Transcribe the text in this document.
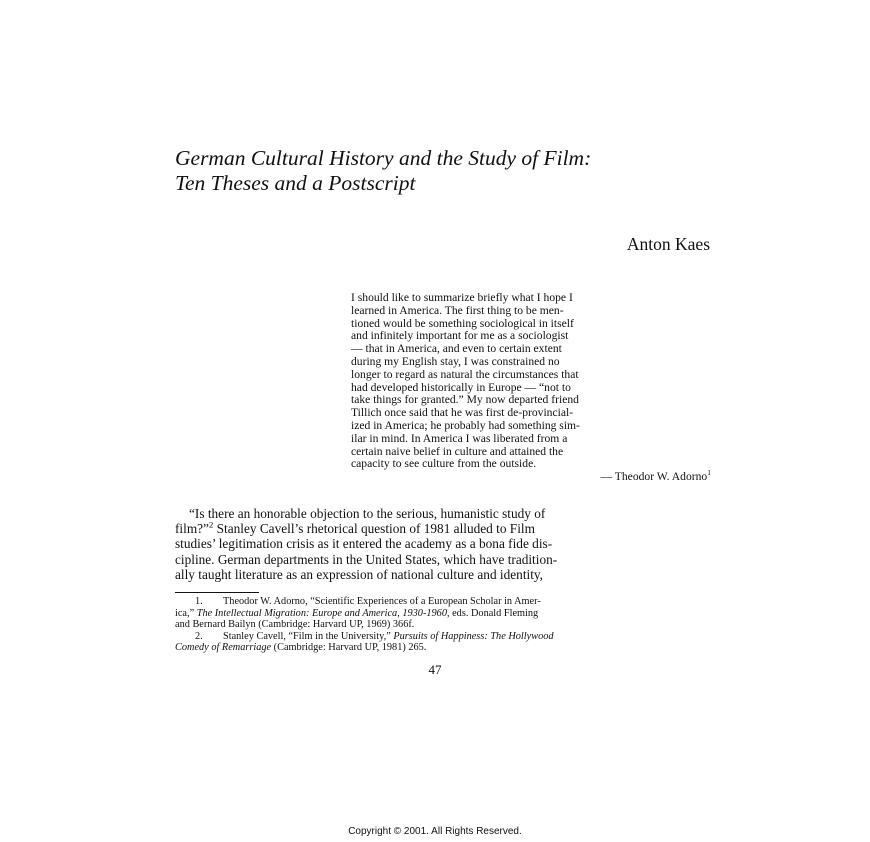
German Cultural History and the Study of Film:
Ten Theses and a Postscript
Anton Kaes
I should like to summarize briefly what I hope I
learned in America. The first thing to be men-
tioned would be something sociological in itself
and infinitely important for me as a sociologist
— that in America, and even to certain extent
during my English stay, I was constrained no
longer to regard as natural the circumstances that
had developed historically in Europe — “not to
take things for granted.” My now departed friend
Tillich once said that he was first de-provincial-
ized in America; he probably had something sim-
ilar in mind. In America I was liberated from a
certain naive belief in culture and attained the
capacity to see culture from the outside.
— Theodor W. Adorno$^1$
“Is there an honorable objection to the serious, humanistic study of
film?”$^2$ Stanley Cavell’s rhetorical question of 1981 alluded to Film
studies’ legitimation crisis as it entered the academy as a bona fide dis-
cipline. German departments in the United States, which have tradition-
ally taught literature as an expression of national culture and identity,
1. Theodor W. Adorno, “Scientific Experiences of a European Scholar in Amer-
ica,” The Intellectual Migration: Europe and America, 1930-1960, eds. Donald Fleming
and Bernard Bailyn (Cambridge: Harvard UP, 1969) 366f.
2. Stanley Cavell, “Film in the University,” Pursuits of Happiness: The Hollywood
Comedy of Remarriage (Cambridge: Harvard UP, 1981) 265.
47
Copyright © 2001. All Rights Reserved.
